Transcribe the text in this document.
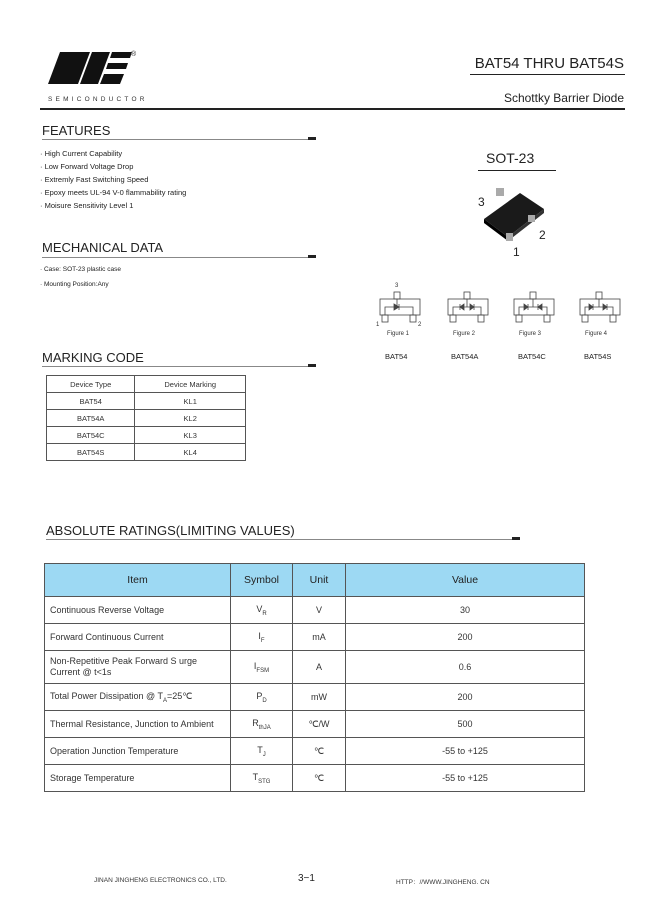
®
SEMICONDUCTOR
BAT54 THRU BAT54S
Schottky Barrier Diode
FEATURES
· High Current Capability
· Low Forward Voltage Drop
· Extremly Fast Switching Speed
· Epoxy meets UL-94 V-0 flammability rating
· Moisure Sensitivity Level 1
MECHANICAL DATA
· Case: SOT-23 plastic case
· Mounting Position:Any
SOT-23
3
2
1
3
1	2
Figure 1	Figure 2	Figure 3	Figure 4
BAT54	BAT54A	BAT54C	BAT54S
MARKING CODE
Device Type	Device Marking
BAT54	KL1
BAT54A	KL2
BAT54C	KL3
BAT54S	KL4
ABSOLUTE RATINGS(LIMITING VALUES)
Item	Symbol	Unit	Value
Continuous Reverse Voltage	$V_R$	V	30
Forward Continuous Current	$I_F$	mA	200
Non-Repetitive Peak Forward S urge Current @ t<1s	$I_{FSM}$	A	0.6
Total Power Dissipation @ $T_A=25℃$	$P_D$	mW	200
Thermal Resistance, Junction to Ambient	$R_{thJA}$	℃/W	500
Operation Junction Temperature	$T_J$	℃	-55 to +125
Storage Temperature	$T_{STG}$	℃	-55 to +125
JINAN JINGHENG ELECTRONICS CO., LTD.	3−1	HTTP：//WWW.JINGHENG. CN
